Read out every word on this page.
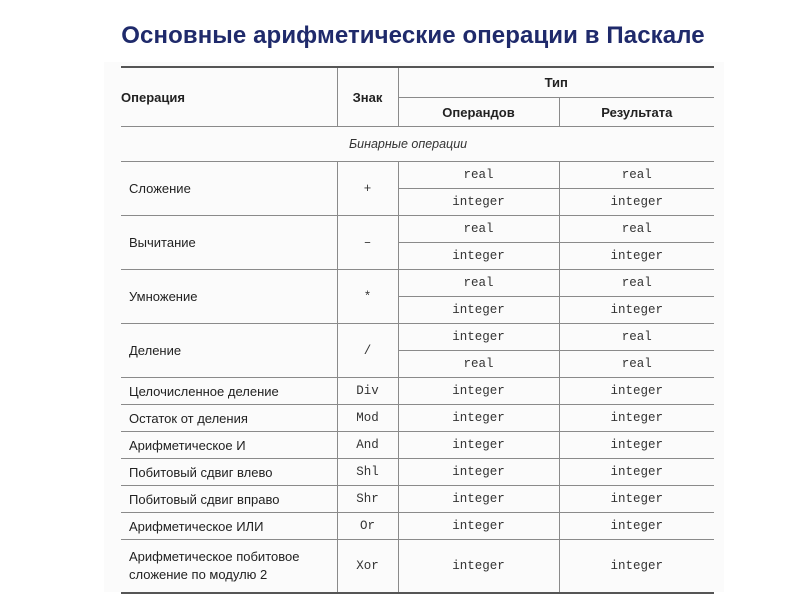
Основные арифметические операции в Паскале
Операция	Знак	Тип	
		Операндов	Результата
Бинарные операции			
Сложение	+	real	real
		integer	integer
Вычитание	–	real	real
		integer	integer
Умножение	*	real	real
		integer	integer
Деление	/	integer	real
		real	real
Целочисленное деление	Div	integer	integer
Остаток от деления	Mod	integer	integer
Арифметическое И	And	integer	integer
Побитовый сдвиг влево	Shl	integer	integer
Побитовый сдвиг вправо	Shr	integer	integer
Арифметическое ИЛИ	Or	integer	integer
Арифметическое побитовое сложение по модулю 2	Xor	integer	integer
